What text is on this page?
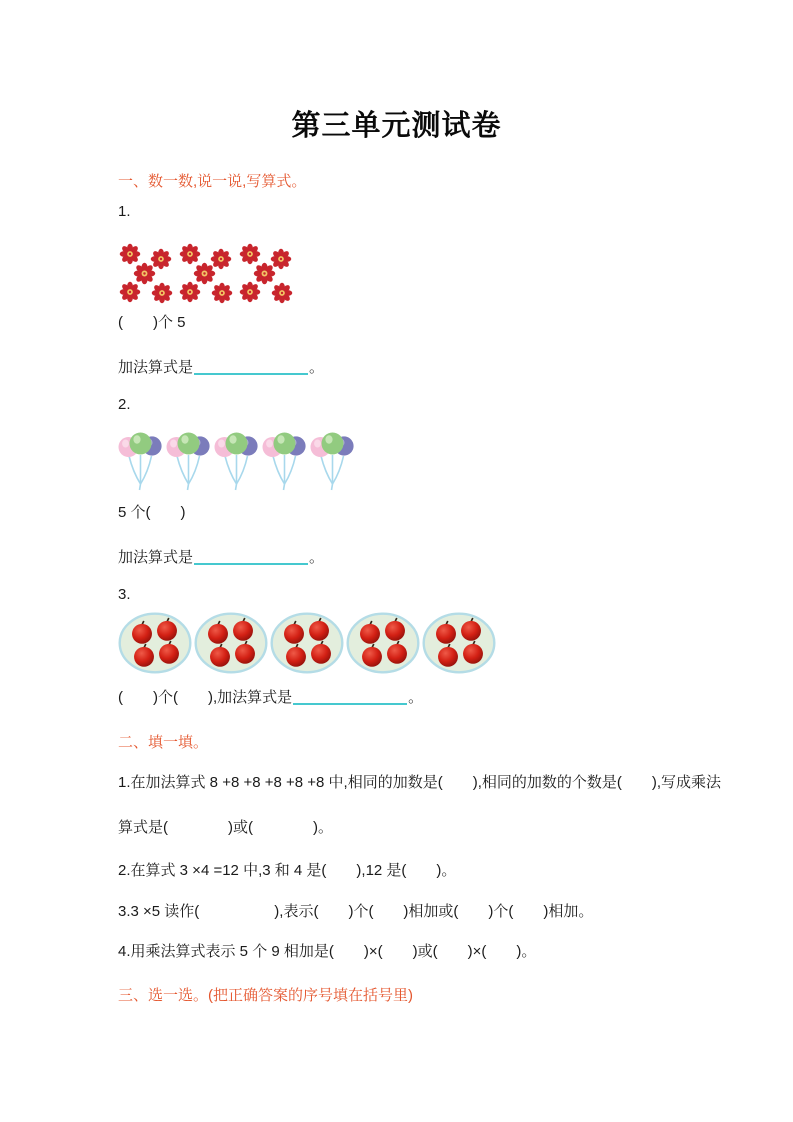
第三单元测试卷
一、数一数,说一说,写算式。
1.
(　　)个 5
加法算式是	。
2.
5 个(　　)
加法算式是	。
3.
(　　)个(　　),加法算式是	。
二、填一填。
1.在加法算式 8 +8 +8 +8 +8 +8 中,相同的加数是(　　),相同的加数的个数是(　　),写成乘法
算式是(　　　　)或(　　　　)。
2.在算式 3 ×4 =12 中,3 和 4 是(　　),12 是(　　)。
3.3 ×5 读作(　　　　　),表示(　　)个(　　)相加或(　　)个(　　)相加。
4.用乘法算式表示 5 个 9 相加是(　　)×(　　)或(　　)×(　　)。
三、选一选。(把正确答案的序号填在括号里)
